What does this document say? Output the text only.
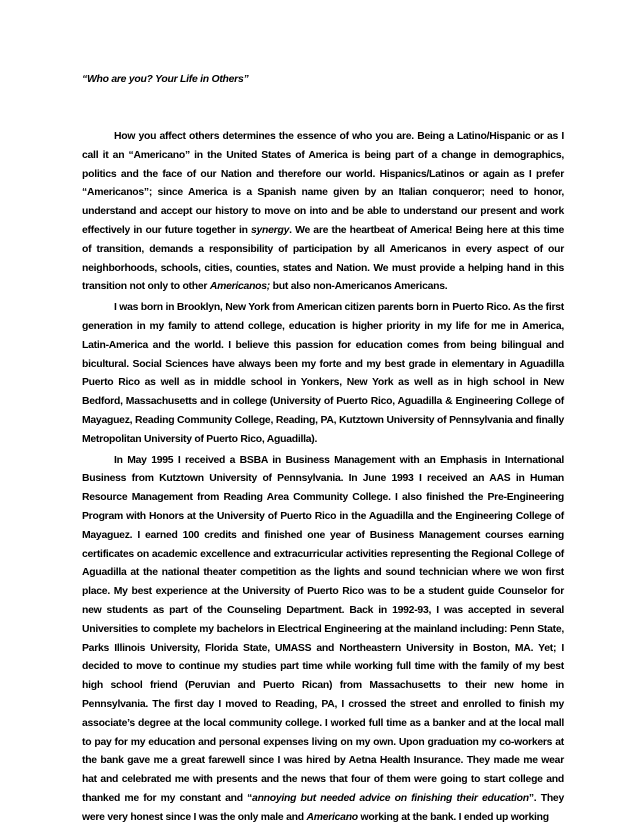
“Who are you? Your Life in Others”

How you affect others determines the essence of who you are. Being a Latino/Hispanic or as I call it an “Americano” in the United States of America is being part of a change in demographics, politics and the face of our Nation and therefore our world. Hispanics/Latinos or again as I prefer “Americanos”; since America is a Spanish name given by an Italian conqueror; need to honor, understand and accept our history to move on into and be able to understand our present and work effectively in our future together in synergy. We are the heartbeat of America! Being here at this time of transition, demands a responsibility of participation by all Americanos in every aspect of our neighborhoods, schools, cities, counties, states and Nation. We must provide a helping hand in this transition not only to other Americanos; but also non-Americanos Americans.

I was born in Brooklyn, New York from American citizen parents born in Puerto Rico. As the first generation in my family to attend college, education is higher priority in my life for me in America, Latin-America and the world. I believe this passion for education comes from being bilingual and bicultural. Social Sciences have always been my forte and my best grade in elementary in Aguadilla Puerto Rico as well as in middle school in Yonkers, New York as well as in high school in New Bedford, Massachusetts and in college (University of Puerto Rico, Aguadilla & Engineering College of Mayaguez, Reading Community College, Reading, PA, Kutztown University of Pennsylvania and finally Metropolitan University of Puerto Rico, Aguadilla).

In May 1995 I received a BSBA in Business Management with an Emphasis in International Business from Kutztown University of Pennsylvania. In June 1993 I received an AAS in Human Resource Management from Reading Area Community College. I also finished the Pre-Engineering Program with Honors at the University of Puerto Rico in the Aguadilla and the Engineering College of Mayaguez. I earned 100 credits and finished one year of Business Management courses earning certificates on academic excellence and extracurricular activities representing the Regional College of Aguadilla at the national theater competition as the lights and sound technician where we won first place. My best experience at the University of Puerto Rico was to be a student guide Counselor for new students as part of the Counseling Department. Back in 1992-93, I was accepted in several Universities to complete my bachelors in Electrical Engineering at the mainland including: Penn State, Parks Illinois University, Florida State, UMASS and Northeastern University in Boston, MA. Yet; I decided to move to continue my studies part time while working full time with the family of my best high school friend (Peruvian and Puerto Rican) from Massachusetts to their new home in Pennsylvania. The first day I moved to Reading, PA, I crossed the street and enrolled to finish my associate’s degree at the local community college. I worked full time as a banker and at the local mall to pay for my education and personal expenses living on my own. Upon graduation my co-workers at the bank gave me a great farewell since I was hired by Aetna Health Insurance. They made me wear hat and celebrated me with presents and the news that four of them were going to start college and thanked me for my constant and “annoying but needed advice on finishing their education”. They were very honest since I was the only male and Americano working at the bank. I ended up working
